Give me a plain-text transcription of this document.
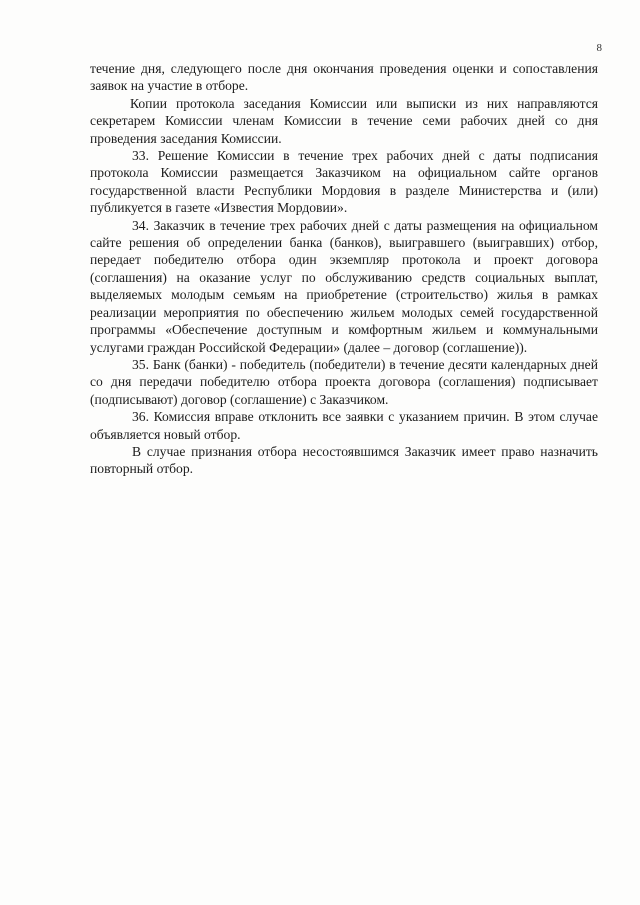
8

течение дня, следующего после дня окончания проведения оценки и сопоставления заявок на участие в отборе.

Копии протокола заседания Комиссии или выписки из них направляются секретарем Комиссии членам Комиссии в течение семи рабочих дней со дня проведения заседания Комиссии.

33. Решение Комиссии в течение трех рабочих дней с даты подписания протокола Комиссии размещается Заказчиком на официальном сайте органов государственной власти Республики Мордовия в разделе Министерства и (или) публикуется в газете «Известия Мордовии».

34. Заказчик в течение трех рабочих дней с даты размещения на официальном сайте решения об определении банка (банков), выигравшего (выигравших) отбор, передает победителю отбора один экземпляр протокола и проект договора (соглашения) на оказание услуг по обслуживанию средств социальных выплат, выделяемых молодым семьям на приобретение (строительство) жилья в рамках реализации мероприятия по обеспечению жильем молодых семей государственной программы «Обеспечение доступным и комфортным жильем и коммунальными услугами граждан Российской Федерации» (далее – договор (соглашение)).

35. Банк (банки) - победитель (победители) в течение десяти календарных дней со дня передачи победителю отбора проекта договора (соглашения) подписывает (подписывают) договор (соглашение) с Заказчиком.

36. Комиссия вправе отклонить все заявки с указанием причин. В этом случае объявляется новый отбор.

В случае признания отбора несостоявшимся Заказчик имеет право назначить повторный отбор.
